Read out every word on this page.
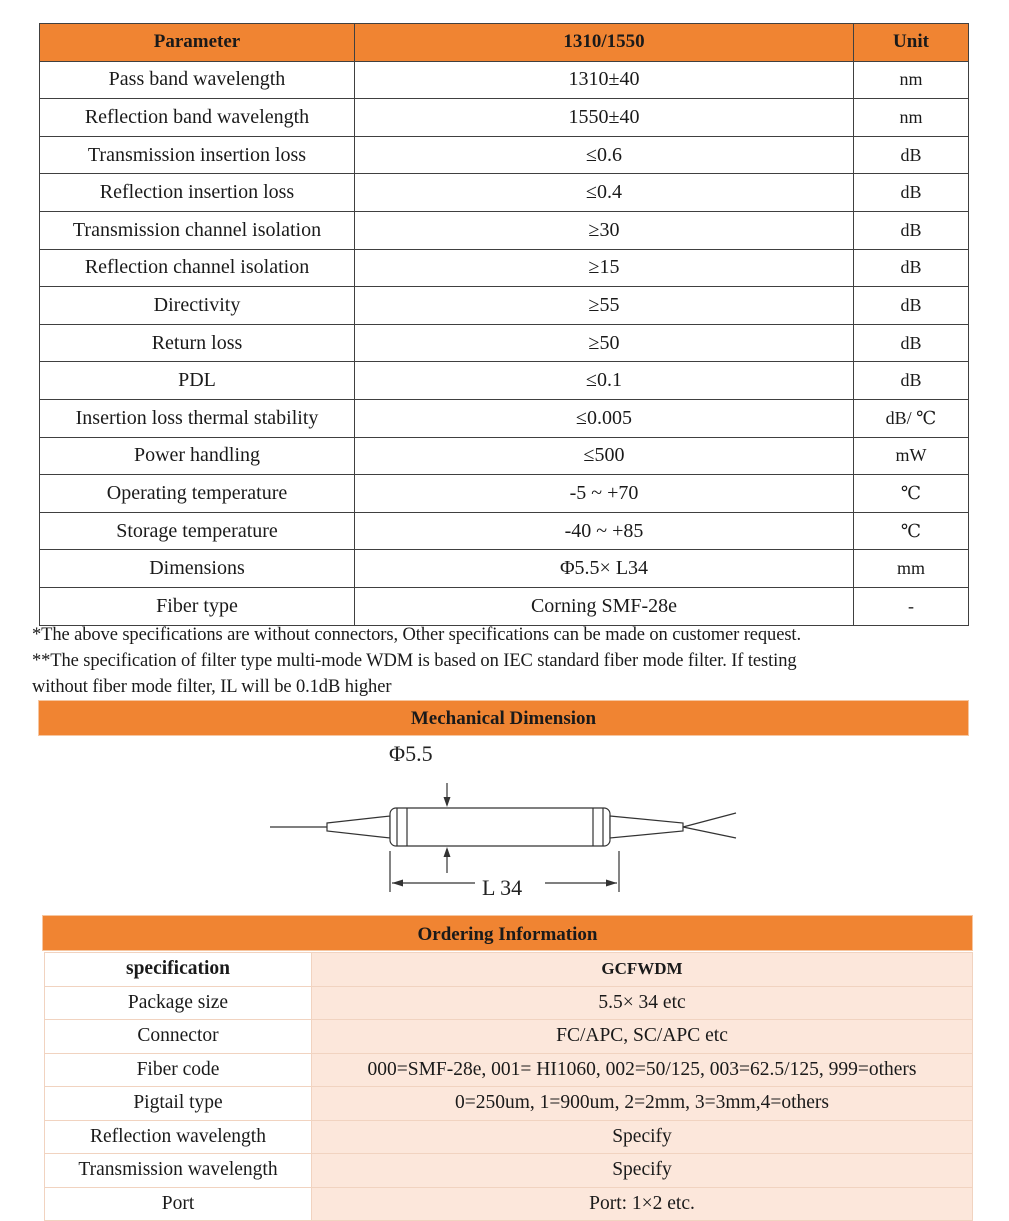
Parameter	1310/1550	Unit
Pass band wavelength	1310±40	nm
Reflection band wavelength	1550±40	nm
Transmission insertion loss	≤0.6	dB
Reflection insertion loss	≤0.4	dB
Transmission channel isolation	≥30	dB
Reflection channel isolation	≥15	dB
Directivity	≥55	dB
Return loss	≥50	dB
PDL	≤0.1	dB
Insertion loss thermal stability	≤0.005	dB/ ℃
Power handling	≤500	mW
Operating temperature	-5 ~ +70	℃
Storage temperature	-40 ~ +85	℃
Dimensions	Φ5.5× L34	mm
Fiber type	Corning SMF-28e	-
*The above specifications are without connectors, Other specifications can be made on customer request.
**The specification of filter type multi-mode WDM is based on IEC standard fiber mode filter. If testing
without fiber mode filter, IL will be 0.1dB higher
Mechanical Dimension
Φ5.5
L 34
Ordering Information
specification	GCFWDM
Package size	5.5× 34 etc
Connector	FC/APC, SC/APC etc
Fiber code	000=SMF-28e, 001= HI1060, 002=50/125, 003=62.5/125, 999=others
Pigtail type	0=250um, 1=900um, 2=2mm, 3=3mm,4=others
Reflection wavelength	Specify
Transmission wavelength	Specify
Port	Port: 1×2 etc.
